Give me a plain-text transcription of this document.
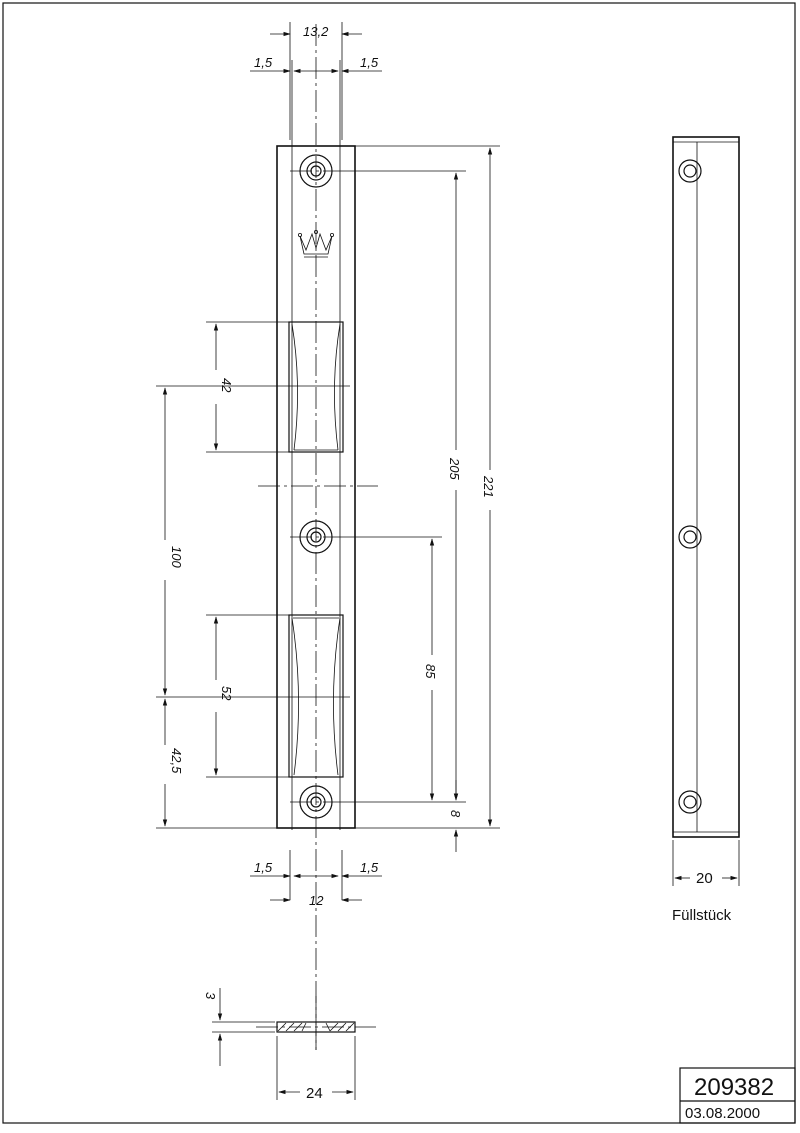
13,2
1,5	1,5
42
100
52
42,5
221
205
85
8
1,5	1,5
12
20
Füllstück
3
24	209382
03.08.2000
